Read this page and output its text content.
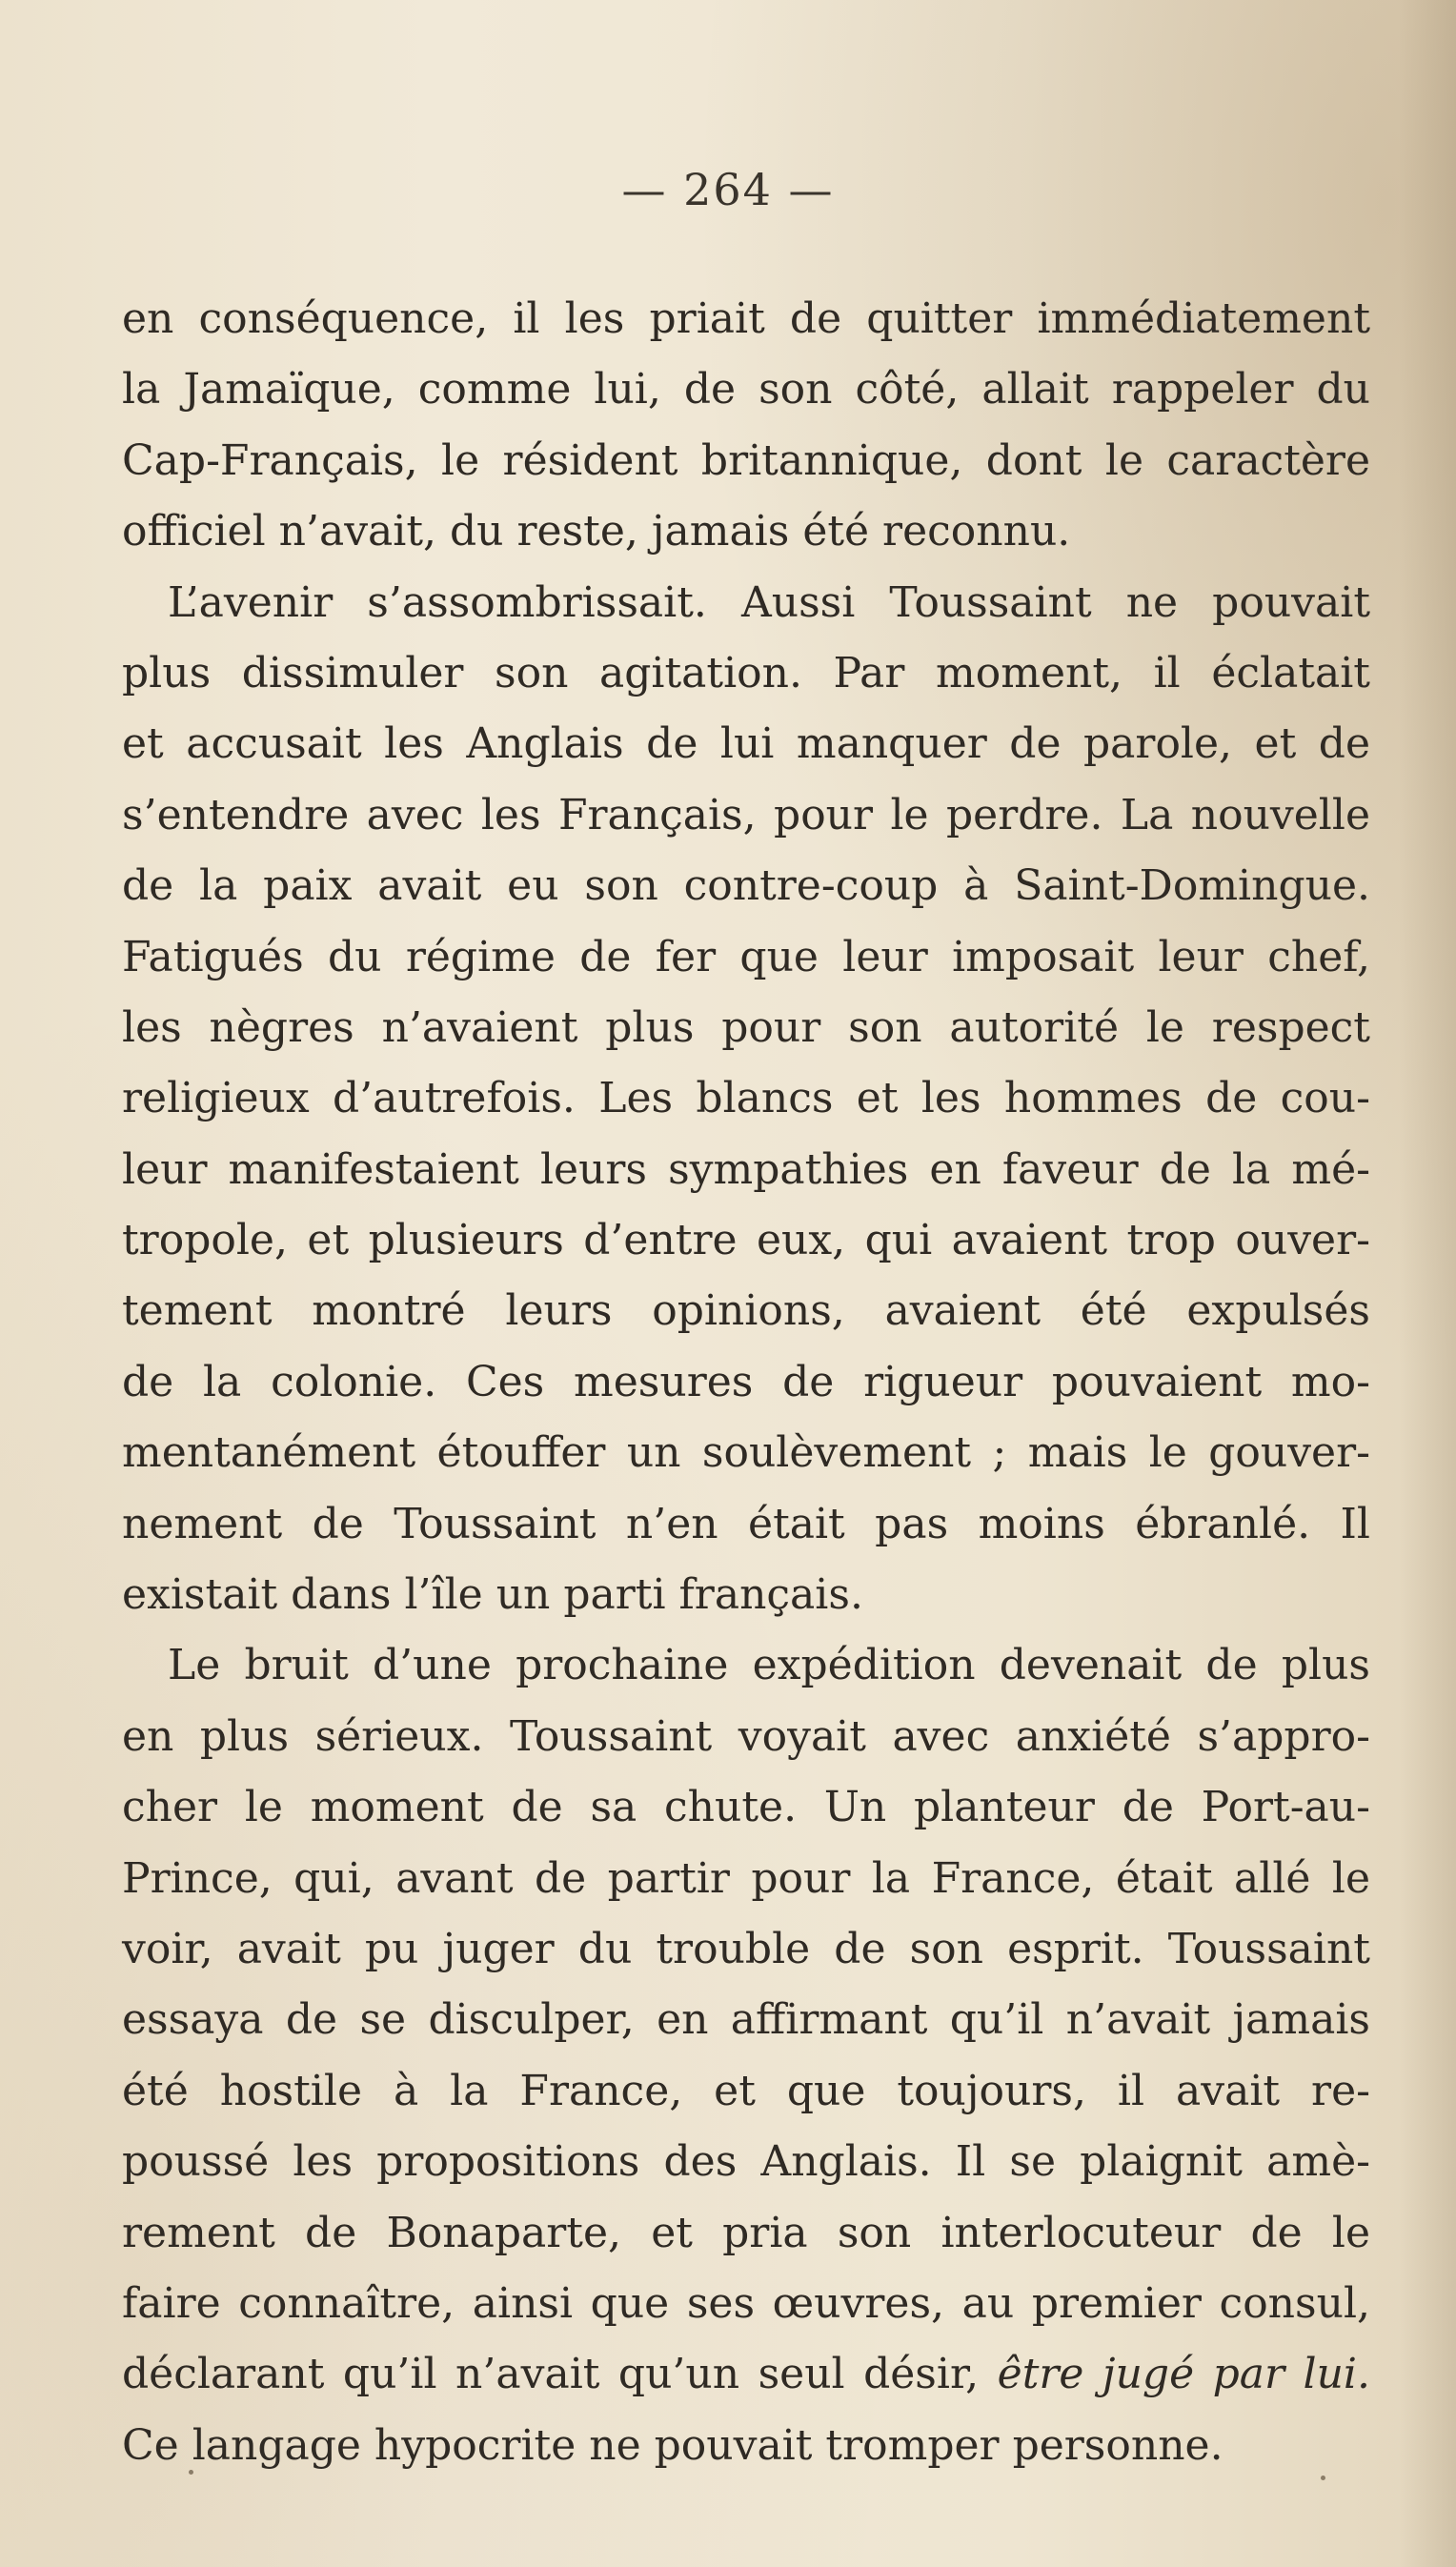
— 264 —
en conséquence, il les priait de quitter immédiatement
la Jamaïque, comme lui, de son côté, allait rappeler du
Cap-Français, le résident britannique, dont le caractère
officiel n’avait, du reste, jamais été reconnu.
L’avenir s’assombrissait. Aussi Toussaint ne pouvait
plus dissimuler son agitation. Par moment, il éclatait
et accusait les Anglais de lui manquer de parole, et de
s’entendre avec les Français, pour le perdre. La nouvelle
de la paix avait eu son contre-coup à Saint-Domingue.
Fatigués du régime de fer que leur imposait leur chef,
les nègres n’avaient plus pour son autorité le respect
religieux d’autrefois. Les blancs et les hommes de cou-
leur manifestaient leurs sympathies en faveur de la mé-
tropole, et plusieurs d’entre eux, qui avaient trop ouver-
tement montré leurs opinions, avaient été expulsés
de la colonie. Ces mesures de rigueur pouvaient mo-
mentanément étouffer un soulèvement ; mais le gouver-
nement de Toussaint n’en était pas moins ébranlé. Il
existait dans l’île un parti français.
Le bruit d’une prochaine expédition devenait de plus
en plus sérieux. Toussaint voyait avec anxiété s’appro-
cher le moment de sa chute. Un planteur de Port-au-
Prince, qui, avant de partir pour la France, était allé le
voir, avait pu juger du trouble de son esprit. Toussaint
essaya de se disculper, en affirmant qu’il n’avait jamais
été hostile à la France, et que toujours, il avait re-
poussé les propositions des Anglais. Il se plaignit amè-
rement de Bonaparte, et pria son interlocuteur de le
faire connaître, ainsi que ses œuvres, au premier consul,
déclarant qu’il n’avait qu’un seul désir, être jugé par lui.
Ce langage hypocrite ne pouvait tromper personne.
